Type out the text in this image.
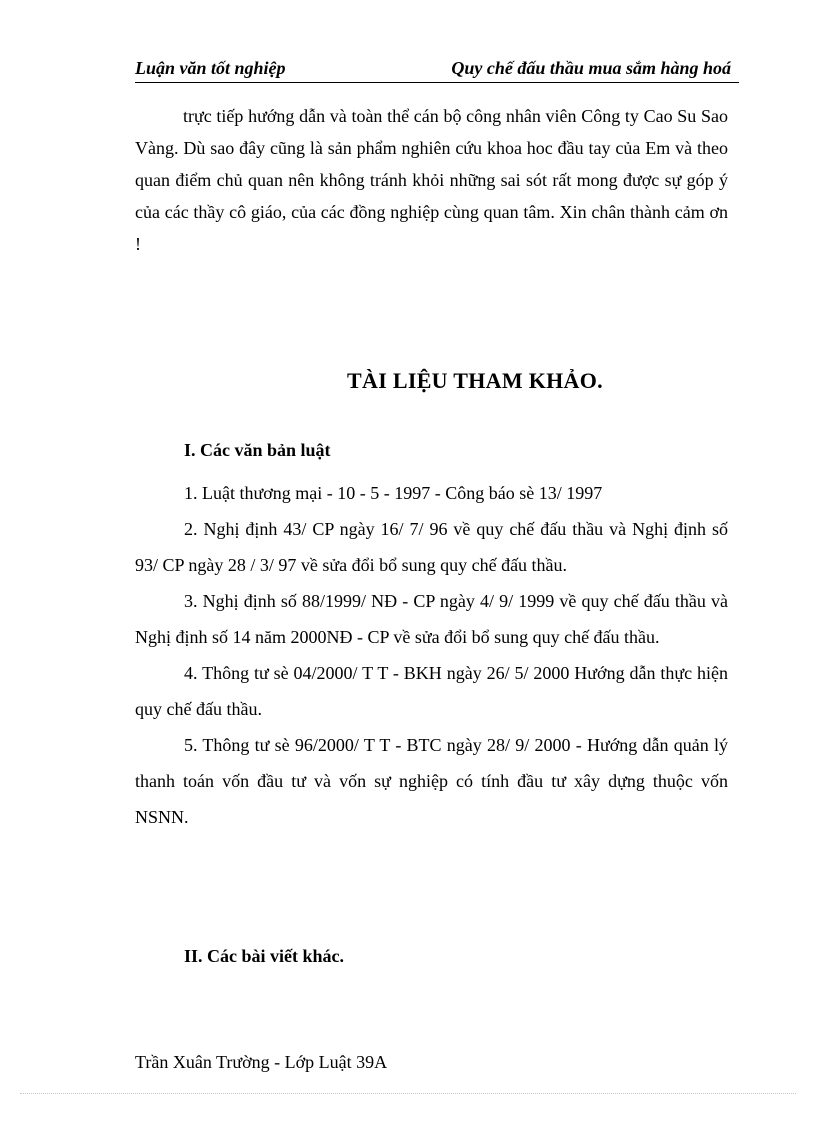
Luận văn tốt nghiệp	Quy chế đấu thầu mua sắm hàng hoá

trực tiếp hướng dẫn và toàn thể cán bộ công nhân viên Công ty Cao Su Sao Vàng. Dù sao đây cũng là sản phẩm nghiên cứu khoa hoc đầu tay của Em và theo quan điểm chủ quan nên không tránh khỏi những sai sót rất mong được sự góp ý của các thầy cô giáo, của các đồng nghiệp cùng quan tâm. Xin chân thành cảm ơn !

TÀI LIỆU THAM KHẢO.
I. Các văn bản luật

1. Luật thương mại - 10 - 5 - 1997 - Công báo sè 13/ 1997

2. Nghị định 43/ CP ngày 16/ 7/ 96 về quy chế đấu thầu và Nghị định số 93/ CP ngày 28 / 3/ 97 về sửa đổi bổ sung quy chế đấu thầu.

3. Nghị định số 88/1999/ NĐ - CP ngày 4/ 9/ 1999 về quy chế đấu thầu và Nghị định số 14 năm 2000NĐ - CP về sửa đổi bổ sung quy chế đấu thầu.

4. Thông tư sè 04/2000/ T T - BKH ngày 26/ 5/ 2000 Hướng dẫn thực hiện quy chế đấu thầu.

5. Thông tư sè 96/2000/ T T - BTC ngày 28/ 9/ 2000 - Hướng dẫn quản lý thanh toán vốn đầu tư và vốn sự nghiệp có tính đầu tư xây dựng thuộc vốn NSNN.

II. Các bài viết khác.
Trần Xuân Trường - Lớp Luật 39A
